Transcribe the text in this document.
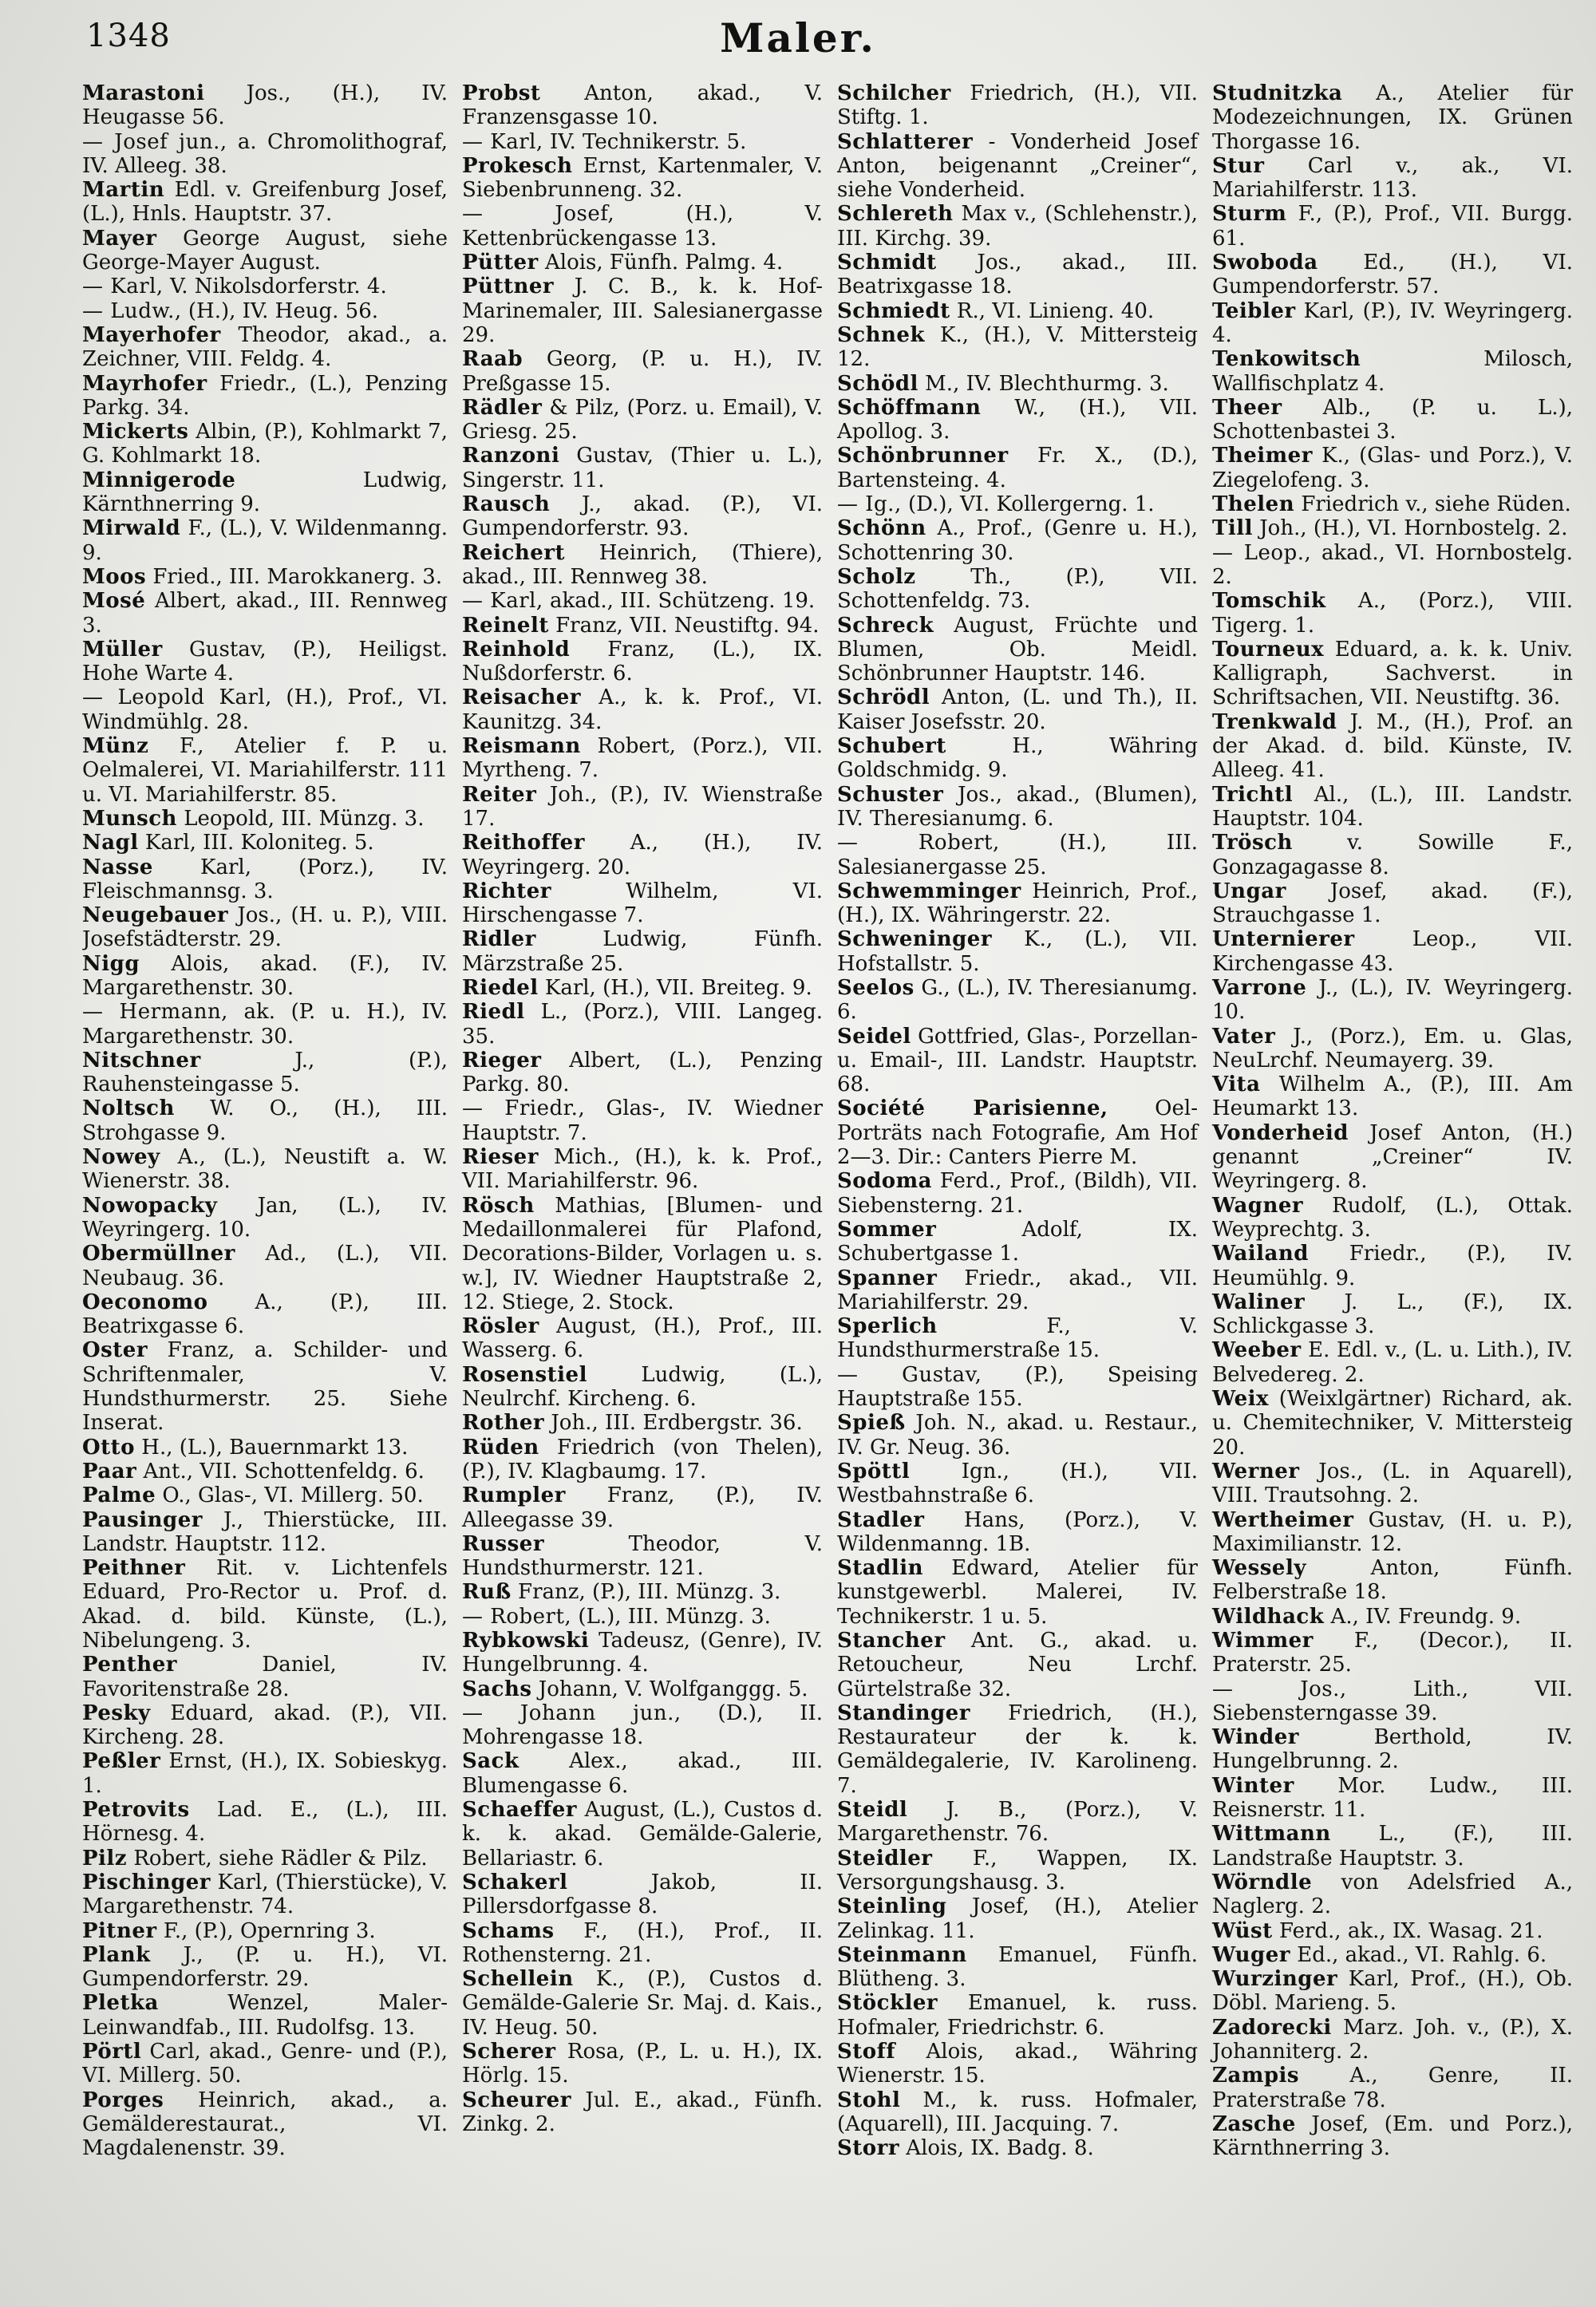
1348	Maler.

Marastoni Jos., (H.), IV. Heugasse 56.

— Josef jun., a. Chromolithograf, IV. Alleeg. 38.

Martin Edl. v. Greifenburg Josef, (L.), Hnls. Hauptstr. 37.

Mayer George August, siehe George-Mayer August.

— Karl, V. Nikolsdorferstr. 4.

— Ludw., (H.), IV. Heug. 56.

Mayerhofer Theodor, akad., a. Zeichner, VIII. Feldg. 4.

Mayrhofer Friedr., (L.), Penzing Parkg. 34.

Mickerts Albin, (P.), Kohlmarkt 7, G. Kohlmarkt 18.

Minnigerode Ludwig, Kärnthnerring 9.

Mirwald F., (L.), V. Wildenmanng. 9.

Moos Fried., III. Marokkanerg. 3.

Mosé Albert, akad., III. Rennweg 3.

Müller Gustav, (P.), Heiligst. Hohe Warte 4.

— Leopold Karl, (H.), Prof., VI. Windmühlg. 28.

Münz F., Atelier f. P. u. Oelmalerei, VI. Mariahilferstr. 111 u. VI. Mariahilferstr. 85.

Munsch Leopold, III. Münzg. 3.

Nagl Karl, III. Koloniteg. 5.

Nasse Karl, (Porz.), IV. Fleischmannsg. 3.

Neugebauer Jos., (H. u. P.), VIII. Josefstädterstr. 29.

Nigg Alois, akad. (F.), IV. Margarethenstr. 30.

— Hermann, ak. (P. u. H.), IV. Margarethenstr. 30.

Nitschner J., (P.), Rauhensteingasse 5.

Noltsch W. O., (H.), III. Strohgasse 9.

Nowey A., (L.), Neustift a. W. Wienerstr. 38.

Nowopacky Jan, (L.), IV. Weyringerg. 10.

Obermüllner Ad., (L.), VII. Neubaug. 36.

Oeconomo A., (P.), III. Beatrixgasse 6.

Oster Franz, a. Schilder- und Schriftenmaler, V. Hundsthurmerstr. 25. Siehe Inserat.

Otto H., (L.), Bauernmarkt 13.

Paar Ant., VII. Schottenfeldg. 6.

Palme O., Glas-, VI. Millerg. 50.

Pausinger J., Thierstücke, III. Landstr. Hauptstr. 112.

Peithner Rit. v. Lichtenfels Eduard, Pro-Rector u. Prof. d. Akad. d. bild. Künste, (L.), Nibelungeng. 3.

Penther Daniel, IV. Favoritenstraße 28.

Pesky Eduard, akad. (P.), VII. Kircheng. 28.

Peßler Ernst, (H.), IX. Sobieskyg. 1.

Petrovits Lad. E., (L.), III. Hörnesg. 4.

Pilz Robert, siehe Rädler & Pilz.

Pischinger Karl, (Thierstücke), V. Margarethenstr. 74.

Pitner F., (P.), Opernring 3.

Plank J., (P. u. H.), VI. Gumpendorferstr. 29.

Pletka Wenzel, Maler-Leinwandfab., III. Rudolfsg. 13.

Pörtl Carl, akad., Genre- und (P.), VI. Millerg. 50.

Porges Heinrich, akad., a. Gemälderestaurat., VI. Magdalenenstr. 39.

Probst Anton, akad., V. Franzensgasse 10.

— Karl, IV. Technikerstr. 5.

Prokesch Ernst, Kartenmaler, V. Siebenbrunneng. 32.

— Josef, (H.), V. Kettenbrückengasse 13.

Pütter Alois, Fünfh. Palmg. 4.

Püttner J. C. B., k. k. Hof-Marinemaler, III. Salesianergasse 29.

Raab Georg, (P. u. H.), IV. Preßgasse 15.

Rädler & Pilz, (Porz. u. Email), V. Griesg. 25.

Ranzoni Gustav, (Thier u. L.), Singerstr. 11.

Rausch J., akad. (P.), VI. Gumpendorferstr. 93.

Reichert Heinrich, (Thiere), akad., III. Rennweg 38.

— Karl, akad., III. Schützeng. 19.

Reinelt Franz, VII. Neustiftg. 94.

Reinhold Franz, (L.), IX. Nußdorferstr. 6.

Reisacher A., k. k. Prof., VI. Kaunitzg. 34.

Reismann Robert, (Porz.), VII. Myrtheng. 7.

Reiter Joh., (P.), IV. Wienstraße 17.

Reithoffer A., (H.), IV. Weyringerg. 20.

Richter Wilhelm, VI. Hirschengasse 7.

Ridler Ludwig, Fünfh. Märzstraße 25.

Riedel Karl, (H.), VII. Breiteg. 9.

Riedl L., (Porz.), VIII. Langeg. 35.

Rieger Albert, (L.), Penzing Parkg. 80.

— Friedr., Glas-, IV. Wiedner Hauptstr. 7.

Rieser Mich., (H.), k. k. Prof., VII. Mariahilferstr. 96.

Rösch Mathias, [Blumen- und Medaillonmalerei für Plafond, Decorations-Bilder, Vorlagen u. s. w.], IV. Wiedner Hauptstraße 2, 12. Stiege, 2. Stock.

Rösler August, (H.), Prof., III. Wasserg. 6.

Rosenstiel Ludwig, (L.), Neulrchf. Kircheng. 6.

Rother Joh., III. Erdbergstr. 36.

Rüden Friedrich (von Thelen), (P.), IV. Klagbaumg. 17.

Rumpler Franz, (P.), IV. Alleegasse 39.

Russer Theodor, V. Hundsthurmerstr. 121.

Ruß Franz, (P.), III. Münzg. 3.

— Robert, (L.), III. Münzg. 3.

Rybkowski Tadeusz, (Genre), IV. Hungelbrunng. 4.

Sachs Johann, V. Wolfganggg. 5.

— Johann jun., (D.), II. Mohrengasse 18.

Sack Alex., akad., III. Blumengasse 6.

Schaeffer August, (L.), Custos d. k. k. akad. Gemälde-Galerie, Bellariastr. 6.

Schakerl Jakob, II. Pillersdorfgasse 8.

Schams F., (H.), Prof., II. Rothensterng. 21.

Schellein K., (P.), Custos d. Gemälde-Galerie Sr. Maj. d. Kais., IV. Heug. 50.

Scherer Rosa, (P., L. u. H.), IX. Hörlg. 15.

Scheurer Jul. E., akad., Fünfh. Zinkg. 2.

Schilcher Friedrich, (H.), VII. Stiftg. 1.

Schlatterer - Vonderheid Josef Anton, beigenannt „Creiner“, siehe Vonderheid.

Schlereth Max v., (Schlehenstr.), III. Kirchg. 39.

Schmidt Jos., akad., III. Beatrixgasse 18.

Schmiedt R., VI. Linieng. 40.

Schnek K., (H.), V. Mittersteig 12.

Schödl M., IV. Blechthurmg. 3.

Schöffmann W., (H.), VII. Apollog. 3.

Schönbrunner Fr. X., (D.), Bartensteing. 4.

— Ig., (D.), VI. Kollergerng. 1.

Schönn A., Prof., (Genre u. H.), Schottenring 30.

Scholz Th., (P.), VII. Schottenfeldg. 73.

Schreck August, Früchte und Blumen, Ob. Meidl. Schönbrunner Hauptstr. 146.

Schrödl Anton, (L. und Th.), II. Kaiser Josefsstr. 20.

Schubert H., Währing Goldschmidg. 9.

Schuster Jos., akad., (Blumen), IV. Theresianumg. 6.

— Robert, (H.), III. Salesianergasse 25.

Schwemminger Heinrich, Prof., (H.), IX. Währingerstr. 22.

Schweninger K., (L.), VII. Hofstallstr. 5.

Seelos G., (L.), IV. Theresianumg. 6.

Seidel Gottfried, Glas-, Porzellan- u. Email-, III. Landstr. Hauptstr. 68.

Société Parisienne, Oel-Porträts nach Fotografie, Am Hof 2—3. Dir.: Canters Pierre M.

Sodoma Ferd., Prof., (Bildh), VII. Siebensterng. 21.

Sommer Adolf, IX. Schubertgasse 1.

Spanner Friedr., akad., VII. Mariahilferstr. 29.

Sperlich F., V. Hundsthurmerstraße 15.

— Gustav, (P.), Speising Hauptstraße 155.

Spieß Joh. N., akad. u. Restaur., IV. Gr. Neug. 36.

Spöttl Ign., (H.), VII. Westbahnstraße 6.

Stadler Hans, (Porz.), V. Wildenmanng. 1B.

Stadlin Edward, Atelier für kunstgewerbl. Malerei, IV. Technikerstr. 1 u. 5.

Stancher Ant. G., akad. u. Retoucheur, Neu Lrchf. Gürtelstraße 32.

Standinger Friedrich, (H.), Restaurateur der k. k. Gemäldegalerie, IV. Karolineng. 7.

Steidl J. B., (Porz.), V. Margarethenstr. 76.

Steidler F., Wappen, IX. Versorgungshausg. 3.

Steinling Josef, (H.), Atelier Zelinkag. 11.

Steinmann Emanuel, Fünfh. Blütheng. 3.

Stöckler Emanuel, k. russ. Hofmaler, Friedrichstr. 6.

Stoff Alois, akad., Währing Wienerstr. 15.

Stohl M., k. russ. Hofmaler, (Aquarell), III. Jacquing. 7.

Storr Alois, IX. Badg. 8.

Studnitzka A., Atelier für Modezeichnungen, IX. Grünen Thorgasse 16.

Stur Carl v., ak., VI. Mariahilferstr. 113.

Sturm F., (P.), Prof., VII. Burgg. 61.

Swoboda Ed., (H.), VI. Gumpendorferstr. 57.

Teibler Karl, (P.), IV. Weyringerg. 4.

Tenkowitsch Milosch, Wallfischplatz 4.

Theer Alb., (P. u. L.), Schottenbastei 3.

Theimer K., (Glas- und Porz.), V. Ziegelofeng. 3.

Thelen Friedrich v., siehe Rüden.

Till Joh., (H.), VI. Hornbostelg. 2.

— Leop., akad., VI. Hornbostelg. 2.

Tomschik A., (Porz.), VIII. Tigerg. 1.

Tourneux Eduard, a. k. k. Univ. Kalligraph, Sachverst. in Schriftsachen, VII. Neustiftg. 36.

Trenkwald J. M., (H.), Prof. an der Akad. d. bild. Künste, IV. Alleeg. 41.

Trichtl Al., (L.), III. Landstr. Hauptstr. 104.

Trösch v. Sowille F., Gonzagagasse 8.

Ungar Josef, akad. (F.), Strauchgasse 1.

Unternierer Leop., VII. Kirchengasse 43.

Varrone J., (L.), IV. Weyringerg. 10.

Vater J., (Porz.), Em. u. Glas, NeuLrchf. Neumayerg. 39.

Vita Wilhelm A., (P.), III. Am Heumarkt 13.

Vonderheid Josef Anton, (H.) genannt „Creiner“ IV. Weyringerg. 8.

Wagner Rudolf, (L.), Ottak. Weyprechtg. 3.

Wailand Friedr., (P.), IV. Heumühlg. 9.

Waliner J. L., (F.), IX. Schlickgasse 3.

Weeber E. Edl. v., (L. u. Lith.), IV. Belvedereg. 2.

Weix (Weixlgärtner) Richard, ak. u. Chemitechniker, V. Mittersteig 20.

Werner Jos., (L. in Aquarell), VIII. Trautsohng. 2.

Wertheimer Gustav, (H. u. P.), Maximilianstr. 12.

Wessely Anton, Fünfh. Felberstraße 18.

Wildhack A., IV. Freundg. 9.

Wimmer F., (Decor.), II. Praterstr. 25.

— Jos., Lith., VII. Siebensterngasse 39.

Winder Berthold, IV. Hungelbrunng. 2.

Winter Mor. Ludw., III. Reisnerstr. 11.

Wittmann L., (F.), III. Landstraße Hauptstr. 3.

Wörndle von Adelsfried A., Naglerg. 2.

Wüst Ferd., ak., IX. Wasag. 21.

Wuger Ed., akad., VI. Rahlg. 6.

Wurzinger Karl, Prof., (H.), Ob. Döbl. Marieng. 5.

Zadorecki Marz. Joh. v., (P.), X. Johanniterg. 2.

Zampis A., Genre, II. Praterstraße 78.

Zasche Josef, (Em. und Porz.), Kärnthnerring 3.
